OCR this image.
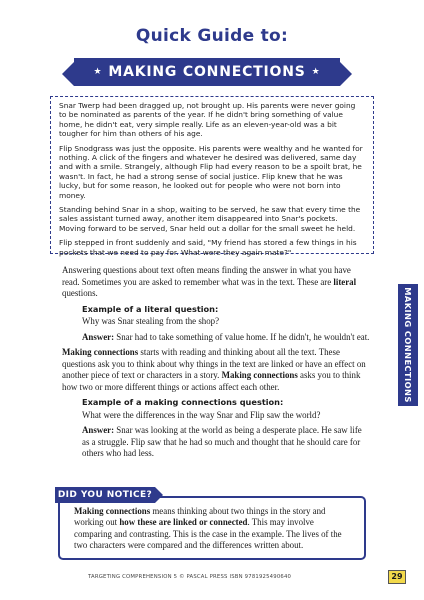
Quick Guide to:
★ MAKING CONNECTIONS ★

Snar Twerp had been dragged up, not brought up. His parents were never going to be nominated as parents of the year. If he didn't bring something of value home, he didn't eat, very simple really. Life as an eleven-year-old was a bit tougher for him than others of his age.

Flip Snodgrass was just the opposite. His parents were wealthy and he wanted for nothing. A click of the fingers and whatever he desired was delivered, same day and with a smile. Strangely, although Flip had every reason to be a spoilt brat, he wasn't. In fact, he had a strong sense of social justice. Flip knew that he was lucky, but for some reason, he looked out for people who were not born into money.

Standing behind Snar in a shop, waiting to be served, he saw that every time the sales assistant turned away, another item disappeared into Snar's pockets. Moving forward to be served, Snar held out a dollar for the small sweet he held.

Flip stepped in front suddenly and said, "My friend has stored a few things in his pockets that we need to pay for. What were they again mate?"

Answering questions about text often means finding the answer in what you have read. Sometimes you are asked to remember what was in the text. These are literal questions.

Example of a literal question:

Why was Snar stealing from the shop?

Answer: Snar had to take something of value home. If he didn't, he wouldn't eat.

Making connections starts with reading and thinking about all the text. These questions ask you to think about why things in the text are linked or have an effect on another piece of text or characters in a story. Making connections asks you to think how two or more different things or actions affect each other.

Example of a making connections question:

What were the differences in the way Snar and Flip saw the world?

Answer: Snar was looking at the world as being a desperate place. He saw life as a struggle. Flip saw that he had so much and thought that he should care for others who had less.

MAKING CONNECTIONS

Making connections means thinking about two things in the story and working out how these are linked or connected. This may involve comparing and contrasting. This is the case in the example. The lives of the two characters were compared and the differences written about.

DID YOU NOTICE?
TARGETING COMPREHENSION 5 © PASCAL PRESS ISBN 9781925490640	29
